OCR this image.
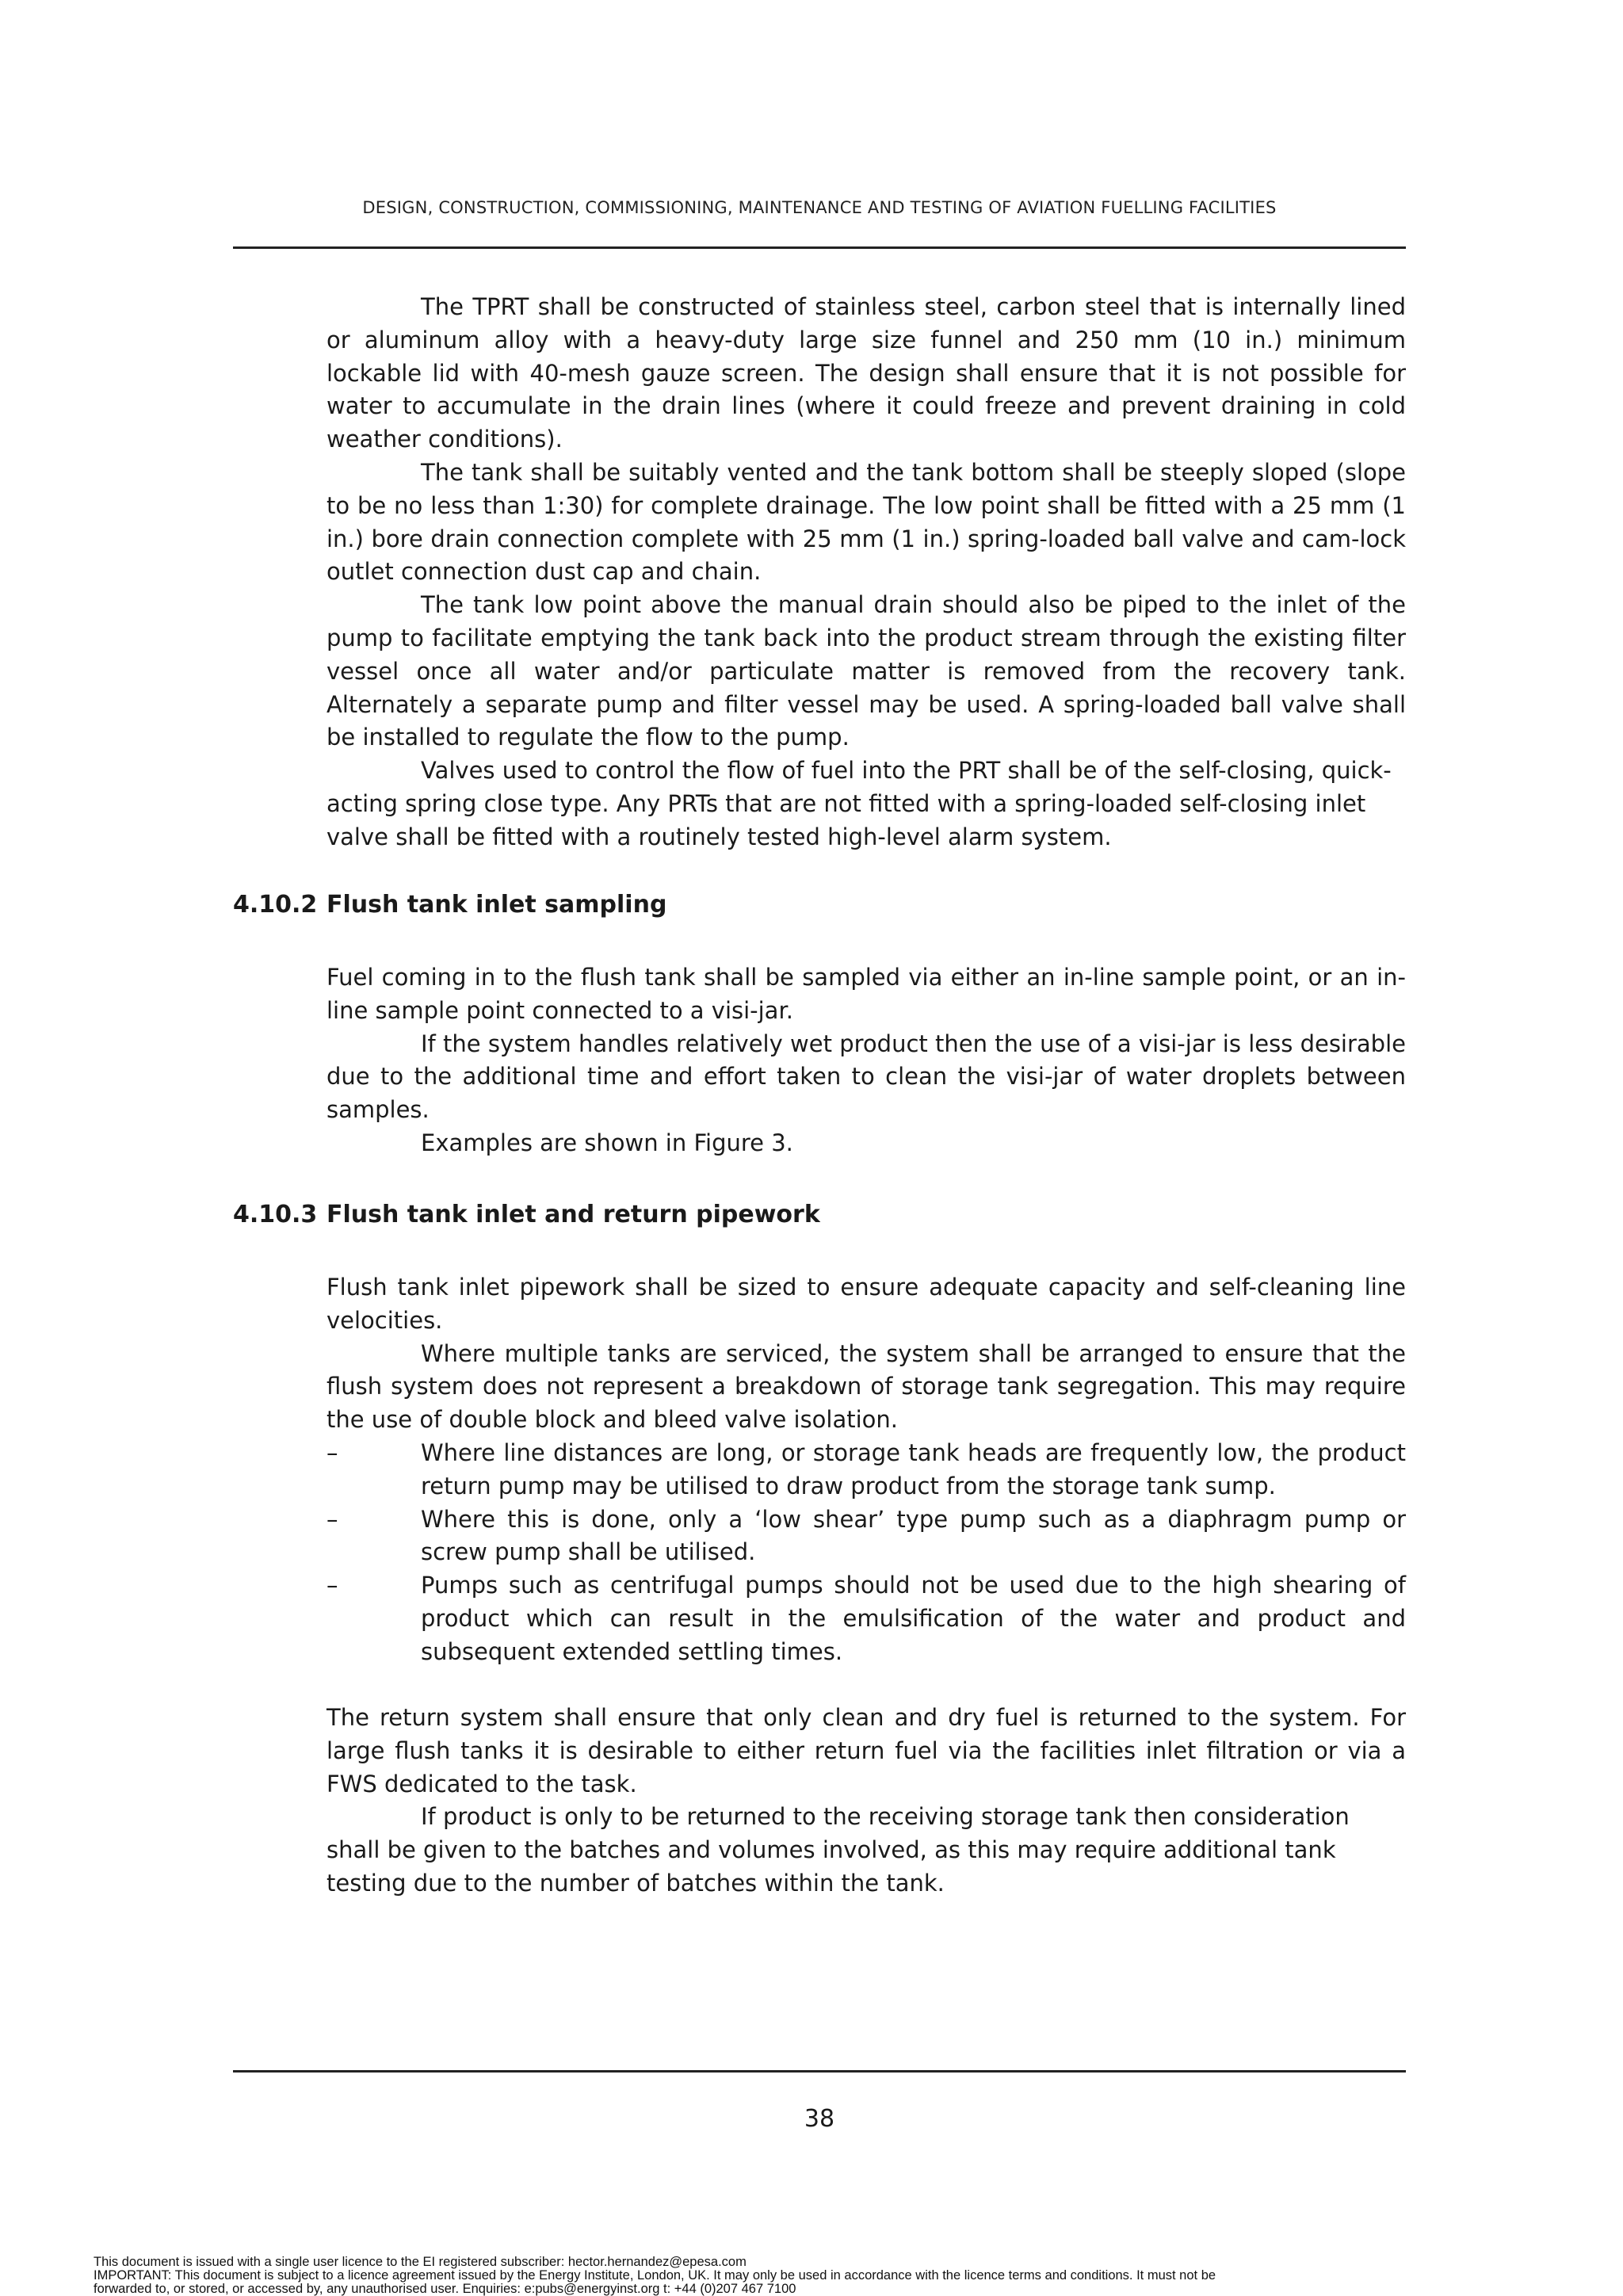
DESIGN, CONSTRUCTION, COMMISSIONING, MAINTENANCE AND TESTING OF AVIATION FUELLING FACILITIES

The TPRT shall be constructed of stainless steel, carbon steel that is internally lined or aluminum alloy with a heavy-duty large size funnel and 250 mm (10 in.) minimum lockable lid with 40-mesh gauze screen. The design shall ensure that it is not possible for water to accumulate in the drain lines (where it could freeze and prevent draining in cold weather conditions).

The tank shall be suitably vented and the tank bottom shall be steeply sloped (slope to be no less than 1:30) for complete drainage. The low point shall be fitted with a 25 mm (1 in.) bore drain connection complete with 25 mm (1 in.) spring-loaded ball valve and cam-lock outlet connection dust cap and chain.

The tank low point above the manual drain should also be piped to the inlet of the pump to facilitate emptying the tank back into the product stream through the existing filter vessel once all water and/or particulate matter is removed from the recovery tank. Alternately a separate pump and filter vessel may be used. A spring-loaded ball valve shall be installed to regulate the flow to the pump.

Valves used to control the flow of fuel into the PRT shall be of the self-closing, quick-acting spring close type. Any PRTs that are not fitted with a spring-loaded self-closing inlet valve shall be fitted with a routinely tested high-level alarm system.

4.10.2 Flush tank inlet sampling

Fuel coming in to the flush tank shall be sampled via either an in-line sample point, or an in-line sample point connected to a visi-jar.

If the system handles relatively wet product then the use of a visi-jar is less desirable due to the additional time and effort taken to clean the visi-jar of water droplets between samples.

Examples are shown in Figure 3.

4.10.3 Flush tank inlet and return pipework

Flush tank inlet pipework shall be sized to ensure adequate capacity and self-cleaning line velocities.

Where multiple tanks are serviced, the system shall be arranged to ensure that the flush system does not represent a breakdown of storage tank segregation. This may require the use of double block and bleed valve isolation.

–	Where line distances are long, or storage tank heads are frequently low, the product return pump may be utilised to draw product from the storage tank sump.
–	Where this is done, only a ‘low shear’ type pump such as a diaphragm pump or screw pump shall be utilised.
–	Pumps such as centrifugal pumps should not be used due to the high shearing of product which can result in the emulsification of the water and product and subsequent extended settling times.

The return system shall ensure that only clean and dry fuel is returned to the system. For large flush tanks it is desirable to either return fuel via the facilities inlet filtration or via a FWS dedicated to the task.

If product is only to be returned to the receiving storage tank then consideration shall be given to the batches and volumes involved, as this may require additional tank testing due to the number of batches within the tank.

38
This document is issued with a single user licence to the EI registered subscriber: hector.hernandez@epesa.com
IMPORTANT: This document is subject to a licence agreement issued by the Energy Institute, London, UK. It may only be used in accordance with the licence terms and conditions. It must not be
forwarded to, or stored, or accessed by, any unauthorised user. Enquiries: e:pubs@energyinst.org t: +44 (0)207 467 7100
